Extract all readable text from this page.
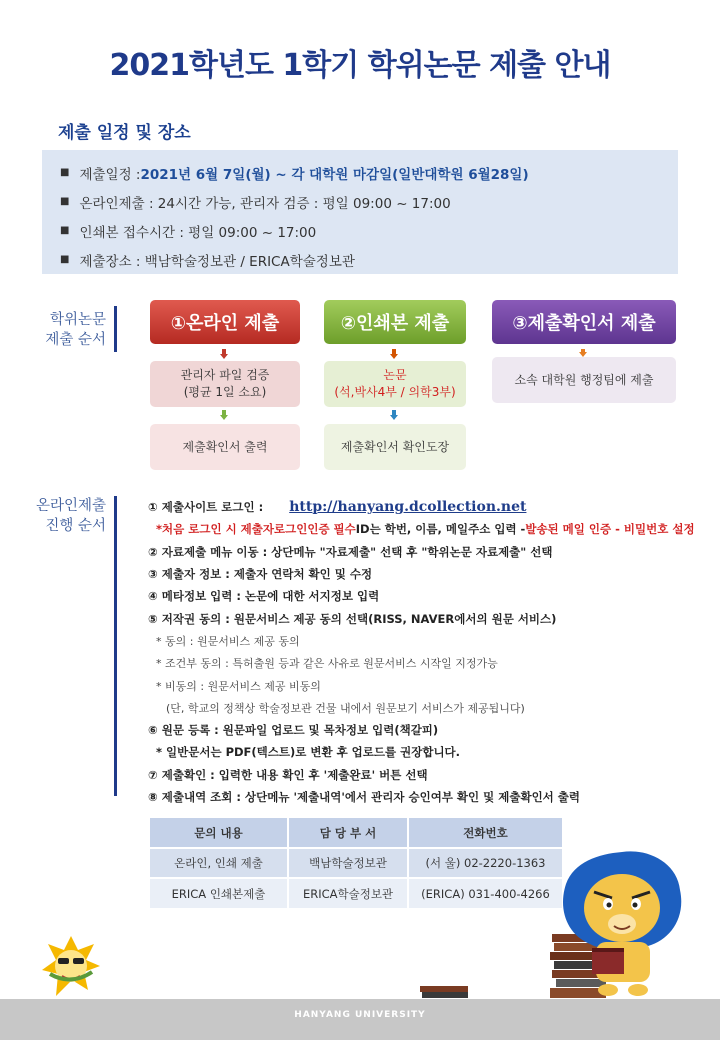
2021학년도 1학기 학위논문 제출 안내
제출 일정 및 장소
■ 제출일정 : 2021년 6월 7일(월) ~ 각 대학원 마감일(일반대학원 6월28일)
■ 온라인제출 : 24시간 가능, 관리자 검증 : 평일 09:00 ~ 17:00
■ 인쇄본 접수시간 : 평일 09:00 ~ 17:00
■ 제출장소 : 백남학술정보관 / ERICA학술정보관
학위논문
제출 순서
①온라인 제출	②인쇄본 제출	③제출확인서 제출
관리자 파일 검증
(평균 1일 소요)
논문
(석,박사4부 / 의학3부)
소속 대학원 행정팀에 제출
제출확인서 출력	제출확인서 확인도장
온라인제출
진행 순서
① 제출사이트 로그인 : http://hanyang.dcollection.net
*처음 로그인 시 제출자로그인인증 필수 ID는 학번, 이름, 메일주소 입력 - 발송된 메일 인증 - 비밀번호 설정
② 자료제출 메뉴 이동 : 상단메뉴 "자료제출" 선택 후 "학위논문 자료제출" 선택
③ 제출자 정보 : 제출자 연락처 확인 및 수정
④ 메타정보 입력 : 논문에 대한 서지정보 입력
⑤ 저작권 동의 : 원문서비스 제공 동의 선택(RISS, NAVER에서의 원문 서비스)
* 동의 : 원문서비스 제공 동의
* 조건부 동의 : 특허출원 등과 같은 사유로 원문서비스 시작일 지정가능
* 비동의 : 원문서비스 제공 비동의
(단, 학교의 정책상 학술정보관 건물 내에서 원문보기 서비스가 제공됩니다)
⑥ 원문 등록 : 원문파일 업로드 및 목차정보 입력(책갈피)
* 일반문서는 PDF(텍스트)로 변환 후 업로드를 권장합니다.
⑦ 제출확인 : 입력한 내용 확인 후 '제출완료' 버튼 선택
⑧ 제출내역 조회 : 상단메뉴 '제출내역'에서 관리자 승인여부 확인 및 제출확인서 출력
문의 내용	담 당 부 서	전화번호
온라인, 인쇄 제출	백남학술정보관	(서 울) 02-2220-1363
ERICA 인쇄본제출	ERICA학술정보관	(ERICA) 031-400-4266
HANYANG UNIVERSITY
